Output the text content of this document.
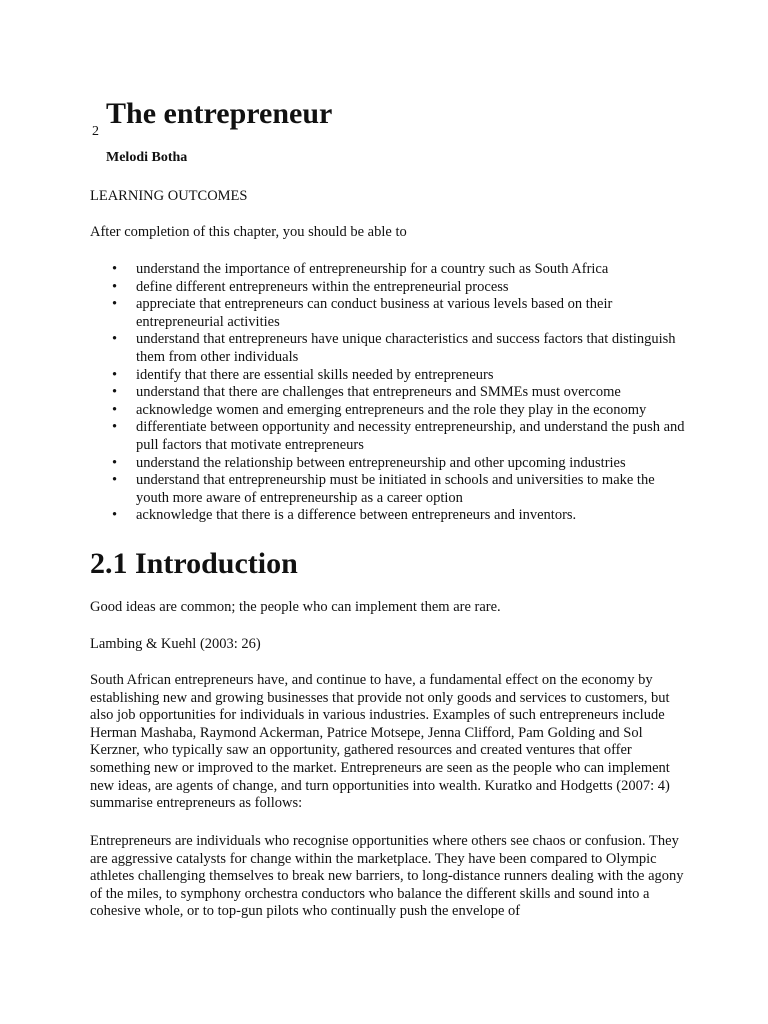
2
The entrepreneur
Melodi Botha

LEARNING OUTCOMES

After completion of this chapter, you should be able to

• understand the importance of entrepreneurship for a country such as South Africa
• define different entrepreneurs within the entrepreneurial process
• appreciate that entrepreneurs can conduct business at various levels based on their entrepreneurial activities
• understand that entrepreneurs have unique characteristics and success factors that distinguish them from other individuals
• identify that there are essential skills needed by entrepreneurs
• understand that there are challenges that entrepreneurs and SMMEs must overcome
• acknowledge women and emerging entrepreneurs and the role they play in the economy
• differentiate between opportunity and necessity entrepreneurship, and understand the push and pull factors that motivate entrepreneurs
• understand the relationship between entrepreneurship and other upcoming industries
• understand that entrepreneurship must be initiated in schools and universities to make the youth more aware of entrepreneurship as a career option
• acknowledge that there is a difference between entrepreneurs and inventors.
2.1 Introduction

Good ideas are common; the people who can implement them are rare.

Lambing & Kuehl (2003: 26)

South African entrepreneurs have, and continue to have, a fundamental effect on the economy by establishing new and growing businesses that provide not only goods and services to customers, but also job opportunities for individuals in various industries. Examples of such entrepreneurs include Herman Mashaba, Raymond Ackerman, Patrice Motsepe, Jenna Clifford, Pam Golding and Sol Kerzner, who typically saw an opportunity, gathered resources and created ventures that offer something new or improved to the market. Entrepreneurs are seen as the people who can implement new ideas, are agents of change, and turn opportunities into wealth. Kuratko and Hodgetts (2007: 4) summarise entrepreneurs as follows:

Entrepreneurs are individuals who recognise opportunities where others see chaos or confusion. They are aggressive catalysts for change within the marketplace. They have been compared to Olympic athletes challenging themselves to break new barriers, to long-distance runners dealing with the agony of the miles, to symphony orchestra conductors who balance the different skills and sound into a cohesive whole, or to top-gun pilots who continually push the envelope of
